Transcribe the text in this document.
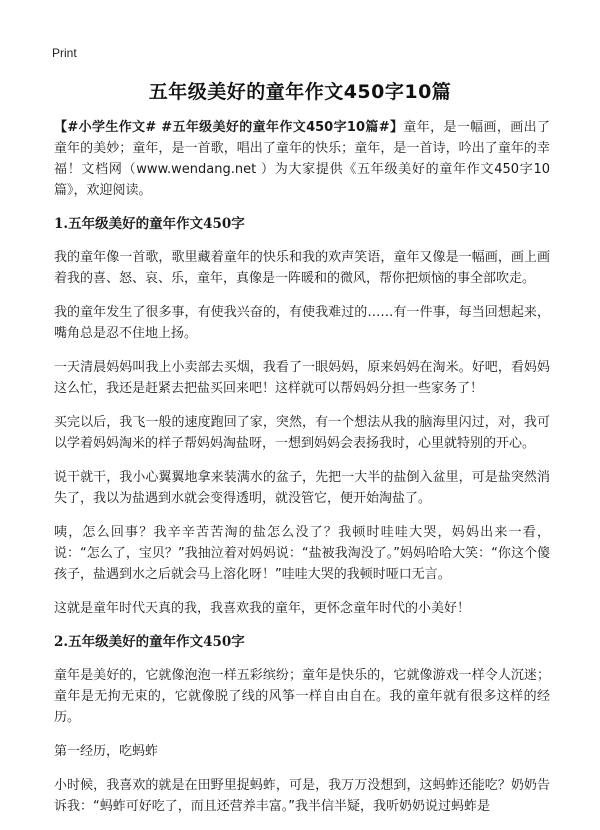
Print
五年级美好的童年作文450字10篇

【#小学生作文# #五年级美好的童年作文450字10篇#】童年，是一幅画，画出了童年的美妙；童年，是一首歌，唱出了童年的快乐；童年，是一首诗，吟出了童年的幸福！文档网（www.wendang.net ）为大家提供《五年级美好的童年作文450字10篇》，欢迎阅读。

1.五年级美好的童年作文450字

我的童年像一首歌，歌里藏着童年的快乐和我的欢声笑语，童年又像是一幅画，画上画着我的喜、怒、哀、乐，童年，真像是一阵暖和的微风，帮你把烦恼的事全部吹走。

我的童年发生了很多事，有使我兴奋的，有使我难过的……有一件事，每当回想起来，嘴角总是忍不住地上扬。

一天清晨妈妈叫我上小卖部去买烟，我看了一眼妈妈，原来妈妈在淘米。好吧，看妈妈这么忙，我还是赶紧去把盐买回来吧！这样就可以帮妈妈分担一些家务了！

买完以后，我飞一般的速度跑回了家，突然，有一个想法从我的脑海里闪过，对，我可以学着妈妈淘米的样子帮妈妈淘盐呀，一想到妈妈会表扬我时，心里就特别的开心。

说干就干，我小心翼翼地拿来装满水的盆子，先把一大半的盐倒入盆里，可是盐突然消失了，我以为盐遇到水就会变得透明，就没管它，便开始淘盐了。

咦，怎么回事？我辛辛苦苦淘的盐怎么没了？我顿时哇哇大哭，妈妈出来一看，说：“怎么了，宝贝？”我抽泣着对妈妈说：“盐被我淘没了。”妈妈哈哈大笑：“你这个傻孩子，盐遇到水之后就会马上溶化呀！”哇哇大哭的我顿时哑口无言。

这就是童年时代天真的我，我喜欢我的童年，更怀念童年时代的小美好！

2.五年级美好的童年作文450字

童年是美好的，它就像泡泡一样五彩缤纷；童年是快乐的，它就像游戏一样令人沉迷；童年是无拘无束的，它就像脱了线的风筝一样自由自在。我的童年就有很多这样的经历。

第一经历，吃蚂蚱

小时候，我喜欢的就是在田野里捉蚂蚱，可是，我万万没想到，这蚂蚱还能吃？奶奶告诉我：“蚂蚱可好吃了，而且还营养丰富。”我半信半疑，我听奶奶说过蚂蚱是
